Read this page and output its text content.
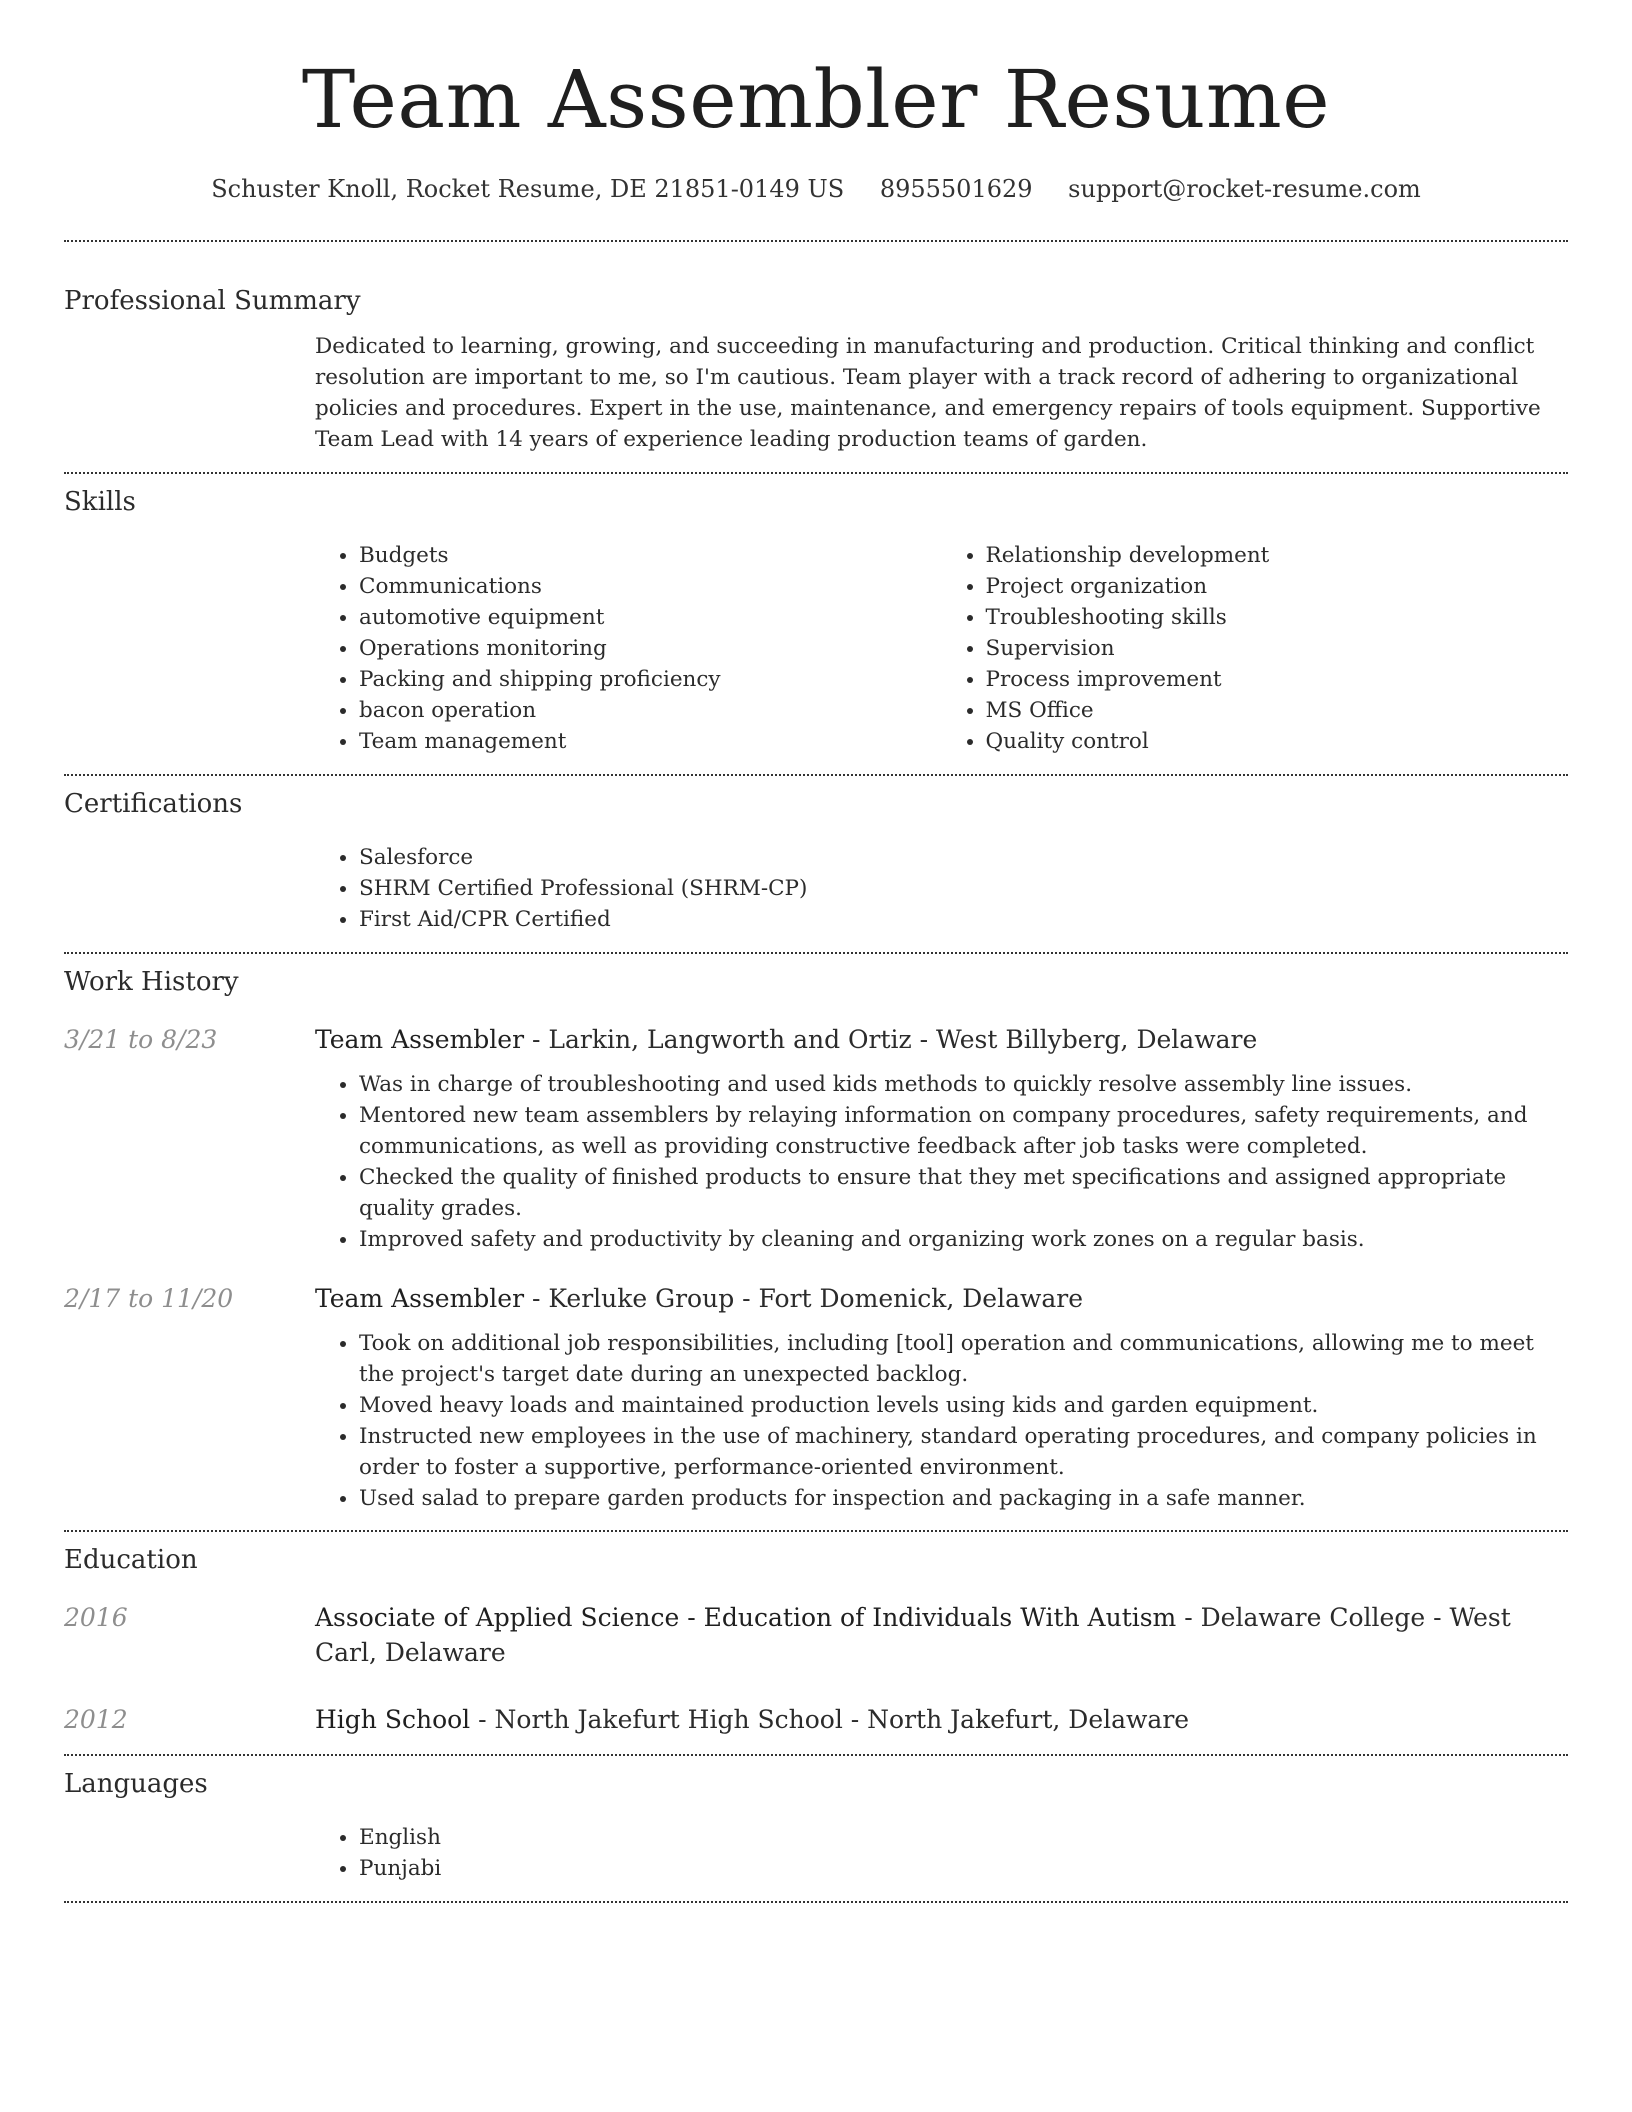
Team Assembler Resume
Schuster Knoll, Rocket Resume, DE 21851-0149 US 8955501629 support@rocket-resume.com
Professional Summary
Dedicated to learning, growing, and succeeding in manufacturing and production. Critical thinking and conflict resolution are important to me, so I'm cautious. Team player with a track record of adhering to organizational policies and procedures. Expert in the use, maintenance, and emergency repairs of tools equipment. Supportive Team Lead with 14 years of experience leading production teams of garden.
Skills
• Budgets
• Communications
• automotive equipment
• Operations monitoring
• Packing and shipping proficiency
• bacon operation
• Team management
• Relationship development
• Project organization
• Troubleshooting skills
• Supervision
• Process improvement
• MS Office
• Quality control
Certifications
• Salesforce
• SHRM Certified Professional (SHRM-CP)
• First Aid/CPR Certified
Work History
3/21 to 8/23	Team Assembler - Larkin, Langworth and Ortiz - West Billyberg, Delaware
• Was in charge of troubleshooting and used kids methods to quickly resolve assembly line issues.
• Mentored new team assemblers by relaying information on company procedures, safety requirements, and communications, as well as providing constructive feedback after job tasks were completed.
• Checked the quality of finished products to ensure that they met specifications and assigned appropriate quality grades.
• Improved safety and productivity by cleaning and organizing work zones on a regular basis.
2/17 to 11/20	Team Assembler - Kerluke Group - Fort Domenick, Delaware
• Took on additional job responsibilities, including [tool] operation and communications, allowing me to meet the project's target date during an unexpected backlog.
• Moved heavy loads and maintained production levels using kids and garden equipment.
• Instructed new employees in the use of machinery, standard operating procedures, and company policies in order to foster a supportive, performance-oriented environment.
• Used salad to prepare garden products for inspection and packaging in a safe manner.
Education
2016	Associate of Applied Science - Education of Individuals With Autism - Delaware College - West Carl, Delaware
2012	High School - North Jakefurt High School - North Jakefurt, Delaware
Languages
• English
• Punjabi
